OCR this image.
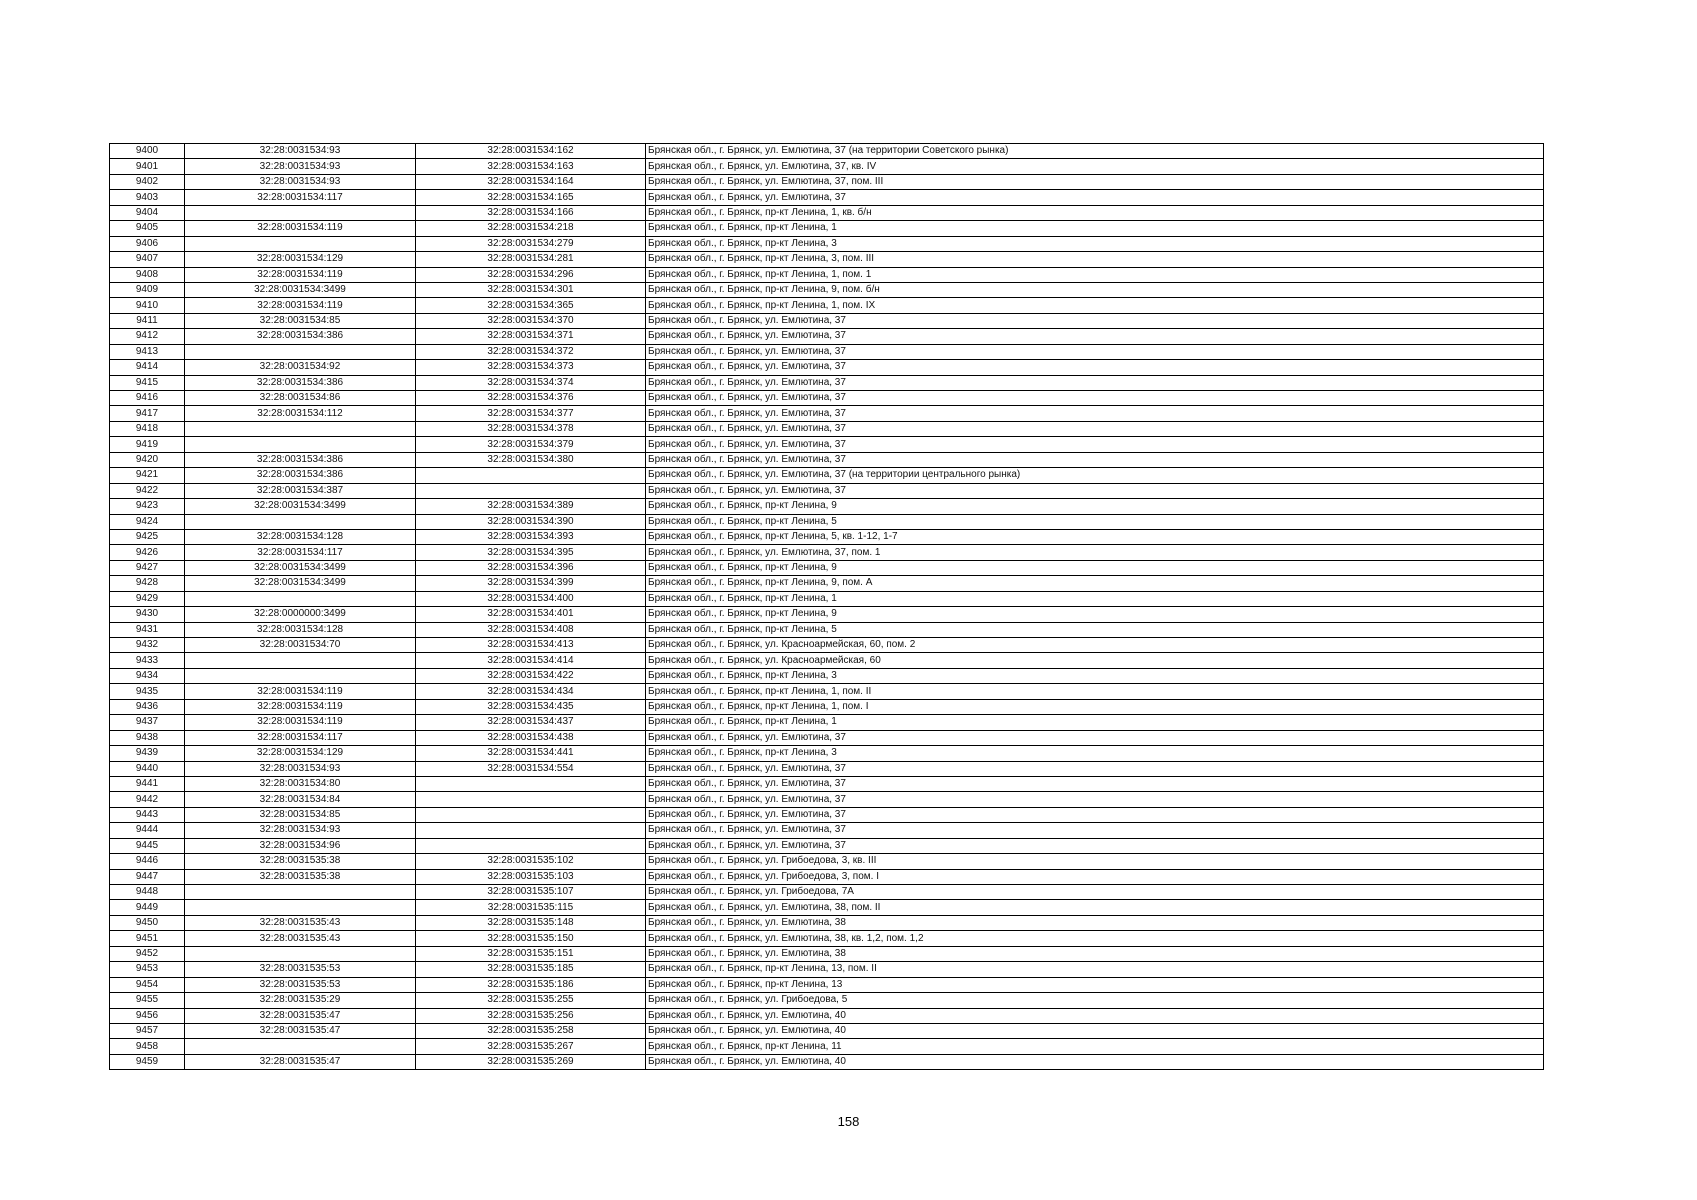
9400	32:28:0031534:93	32:28:0031534:162	Брянская обл., г. Брянск, ул. Емлютина, 37 (на территории Советского рынка)
9401	32:28:0031534:93	32:28:0031534:163	Брянская обл., г. Брянск, ул. Емлютина, 37, кв. IV
9402	32:28:0031534:93	32:28:0031534:164	Брянская обл., г. Брянск, ул. Емлютина, 37, пом. III
9403	32:28:0031534:117	32:28:0031534:165	Брянская обл., г. Брянск, ул. Емлютина, 37
9404		32:28:0031534:166	Брянская обл., г. Брянск, пр-кт Ленина, 1, кв. б/н
9405	32:28:0031534:119	32:28:0031534:218	Брянская обл., г. Брянск, пр-кт Ленина, 1
9406		32:28:0031534:279	Брянская обл., г. Брянск, пр-кт Ленина, 3
9407	32:28:0031534:129	32:28:0031534:281	Брянская обл., г. Брянск, пр-кт Ленина, 3, пом. III
9408	32:28:0031534:119	32:28:0031534:296	Брянская обл., г. Брянск, пр-кт Ленина, 1, пом. 1
9409	32:28:0031534:3499	32:28:0031534:301	Брянская обл., г. Брянск, пр-кт Ленина, 9, пом. б/н
9410	32:28:0031534:119	32:28:0031534:365	Брянская обл., г. Брянск, пр-кт Ленина, 1, пом. IX
9411	32:28:0031534:85	32:28:0031534:370	Брянская обл., г. Брянск, ул. Емлютина, 37
9412	32:28:0031534:386	32:28:0031534:371	Брянская обл., г. Брянск, ул. Емлютина, 37
9413		32:28:0031534:372	Брянская обл., г. Брянск, ул. Емлютина, 37
9414	32:28:0031534:92	32:28:0031534:373	Брянская обл., г. Брянск, ул. Емлютина, 37
9415	32:28:0031534:386	32:28:0031534:374	Брянская обл., г. Брянск, ул. Емлютина, 37
9416	32:28:0031534:86	32:28:0031534:376	Брянская обл., г. Брянск, ул. Емлютина, 37
9417	32:28:0031534:112	32:28:0031534:377	Брянская обл., г. Брянск, ул. Емлютина, 37
9418		32:28:0031534:378	Брянская обл., г. Брянск, ул. Емлютина, 37
9419		32:28:0031534:379	Брянская обл., г. Брянск, ул. Емлютина, 37
9420	32:28:0031534:386	32:28:0031534:380	Брянская обл., г. Брянск, ул. Емлютина, 37
9421	32:28:0031534:386		Брянская обл., г. Брянск, ул. Емлютина, 37 (на территории центрального рынка)
9422	32:28:0031534:387		Брянская обл., г. Брянск, ул. Емлютина, 37
9423	32:28:0031534:3499	32:28:0031534:389	Брянская обл., г. Брянск, пр-кт Ленина, 9
9424		32:28:0031534:390	Брянская обл., г. Брянск, пр-кт Ленина, 5
9425	32:28:0031534:128	32:28:0031534:393	Брянская обл., г. Брянск, пр-кт Ленина, 5, кв. 1-12, 1-7
9426	32:28:0031534:117	32:28:0031534:395	Брянская обл., г. Брянск, ул. Емлютина, 37, пом. 1
9427	32:28:0031534:3499	32:28:0031534:396	Брянская обл., г. Брянск, пр-кт Ленина, 9
9428	32:28:0031534:3499	32:28:0031534:399	Брянская обл., г. Брянск, пр-кт Ленина, 9, пом. А
9429		32:28:0031534:400	Брянская обл., г. Брянск, пр-кт Ленина, 1
9430	32:28:0000000:3499	32:28:0031534:401	Брянская обл., г. Брянск, пр-кт Ленина, 9
9431	32:28:0031534:128	32:28:0031534:408	Брянская обл., г. Брянск, пр-кт Ленина, 5
9432	32:28:0031534:70	32:28:0031534:413	Брянская обл., г. Брянск, ул. Красноармейская, 60, пом. 2
9433		32:28:0031534:414	Брянская обл., г. Брянск, ул. Красноармейская, 60
9434		32:28:0031534:422	Брянская обл., г. Брянск, пр-кт Ленина, 3
9435	32:28:0031534:119	32:28:0031534:434	Брянская обл., г. Брянск, пр-кт Ленина, 1, пом. II
9436	32:28:0031534:119	32:28:0031534:435	Брянская обл., г. Брянск, пр-кт Ленина, 1, пом. I
9437	32:28:0031534:119	32:28:0031534:437	Брянская обл., г. Брянск, пр-кт Ленина, 1
9438	32:28:0031534:117	32:28:0031534:438	Брянская обл., г. Брянск, ул. Емлютина, 37
9439	32:28:0031534:129	32:28:0031534:441	Брянская обл., г. Брянск, пр-кт Ленина, 3
9440	32:28:0031534:93	32:28:0031534:554	Брянская обл., г. Брянск, ул. Емлютина, 37
9441	32:28:0031534:80		Брянская обл., г. Брянск, ул. Емлютина, 37
9442	32:28:0031534:84		Брянская обл., г. Брянск, ул. Емлютина, 37
9443	32:28:0031534:85		Брянская обл., г. Брянск, ул. Емлютина, 37
9444	32:28:0031534:93		Брянская обл., г. Брянск, ул. Емлютина, 37
9445	32:28:0031534:96		Брянская обл., г. Брянск, ул. Емлютина, 37
9446	32:28:0031535:38	32:28:0031535:102	Брянская обл., г. Брянск, ул. Грибоедова, 3, кв. III
9447	32:28:0031535:38	32:28:0031535:103	Брянская обл., г. Брянск, ул. Грибоедова, 3, пом. I
9448		32:28:0031535:107	Брянская обл., г. Брянск, ул. Грибоедова, 7А
9449		32:28:0031535:115	Брянская обл., г. Брянск, ул. Емлютина, 38, пом. II
9450	32:28:0031535:43	32:28:0031535:148	Брянская обл., г. Брянск, ул. Емлютина, 38
9451	32:28:0031535:43	32:28:0031535:150	Брянская обл., г. Брянск, ул. Емлютина, 38, кв. 1,2, пом. 1,2
9452		32:28:0031535:151	Брянская обл., г. Брянск, ул. Емлютина, 38
9453	32:28:0031535:53	32:28:0031535:185	Брянская обл., г. Брянск, пр-кт Ленина, 13, пом. II
9454	32:28:0031535:53	32:28:0031535:186	Брянская обл., г. Брянск, пр-кт Ленина, 13
9455	32:28:0031535:29	32:28:0031535:255	Брянская обл., г. Брянск, ул. Грибоедова, 5
9456	32:28:0031535:47	32:28:0031535:256	Брянская обл., г. Брянск, ул. Емлютина, 40
9457	32:28:0031535:47	32:28:0031535:258	Брянская обл., г. Брянск, ул. Емлютина, 40
9458		32:28:0031535:267	Брянская обл., г. Брянск, пр-кт Ленина, 11
9459	32:28:0031535:47	32:28:0031535:269	Брянская обл., г. Брянск, ул. Емлютина, 40
158
